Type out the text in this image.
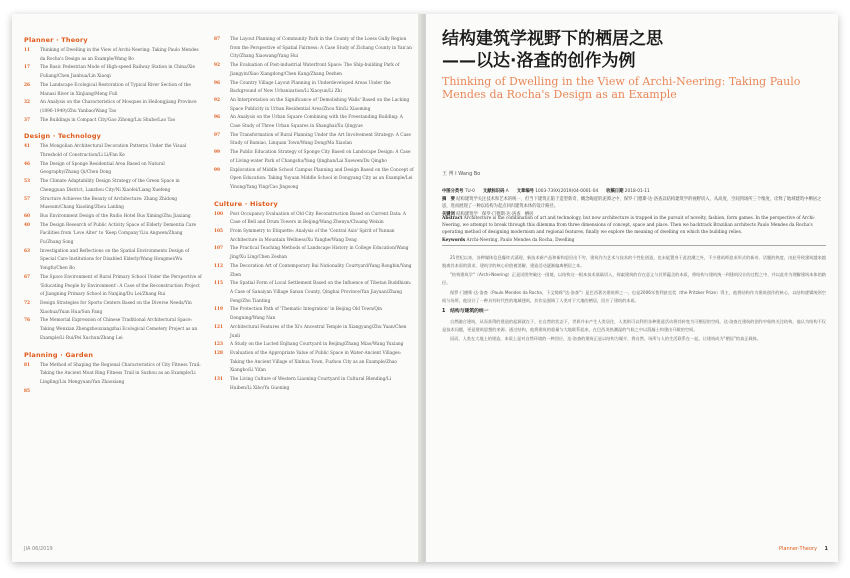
Planner · Theory
11	Thinking of Dwelling in the View of Archi-Neering: Taking Paulo Mendes da Rocha's Design as an Example/Wang Bo
17	The Basic Pedestrian Mode of High-speed Railway Station in China/Xie Fuliang/Chen Jianhua/Lin Xiaoqi
26	The Landscape Ecological Restoration of Typical River Section of the Manasi River in Xinjiang/Meng Fuli
32	An Analysis on the Characteristics of Mosques in Heilongjiang Province (1896-1949)/Zhu Yanbao/Wang Tao
37	The Buildings in Compact City/Gao Zihong/Liu Shuhe/Lao Tao
Design · Technology
41	The Mongolian Architectural Decoration Patterns Under the Visual Threshold of Construction/Li Li/Fan Ke
46	The Design of Sponge Residential Area Based on Natural Geography/Zhang Qi/Chen Dong
53	The Climate Adaptability Design Strategy of the Green Space in Chengguan District, Lanzhou City/Ni Xiaofei/Liang Xuefeng
57	Structure Achieves the Beauty of Architecture: Zhang Zhidong Museum/Chang Xiaoling/Zhou Lanling
60	Bus Environment Design of the Rudio Hotel Bus Ximing/Zhu Jiaxiang
40	The Design Research of Public Activity Space of Elderly Dementia Care Facilities from 'Love Alter' to 'Keep Company'/Liu Angwen/Zhang Fu/Zhang Song
63	Investigation and Reflections on the Spatial Environments Design of Special Care Institutions for Disabled Elderly/Wang Hongmei/Wu Yongfu/Chen Bo
67	The Space Environment of Rural Primary School Under the Perspective of 'Educating People by Environment': A Case of the Reconstruction Project of Jiangning Primary School in Nanjing/Du Lei/Zhang Rui
72	Design Strategies for Sports Centers Based on the Diverse Needs/Yin Xiaohua/Yuan Hua/Sun Fang
76	The Memorial Expression of Chinese Traditional Architectural Space: Taking Wenxian Zhengzhouxiangzhai Ecological Cemetery Project as an Example/Li Rui/Pei Xuchun/Zhang Lei
Planning · Garden
81	The Method of Shaping the Regional Characteristics of City Fitness Trail: Taking the Ancient Moat Ring Fitness Trail in Suzhou as an Example/Li Lingling/Liu Mengyuan/Yan Zhaoxiang
85
87	The Layout Planning of Community Park in the County of the Loess Gully Region from the Perspective of Spatial Fairness: A Case Study of Zichang County in Yan'an City/Zhang Xiaowang/Yang Hui
92	The Evaluation of Post-industrial Waterfront Space: The Ship-building Park of Jiangyin/Xiao Xiangdong/Chen Kang/Zhang Dezhen
96	The Country Village Layout Planning in Underdeveloped Areas Under the Background of New Urbanization/Li Xiaoyun/Li Zhi
92	An Interpretation on the Significance of 'Demolishing Walls' Based on the Lacking Space Publicity in Urban Residential Area/Zhou Xin/Li Xiaoming
96	An Analysis on the Urban Square Combining with the Freestanding Building: A Case Study of Three Urban Squares in Shanghai/Xu Qingyue
97	The Transformation of Rural Planning Under the Art Involvement Strategy: A Case Study of Bamiao, Linquan Town/Wang Dong/Ma Xiaolan
99	The Public Education Strategy of Sponge City Based on Landscape Design: A Case of Living-water Park of Changshu/Yang Qinghan/Lai Xuewen/Du Qingbo
99	Exploration of Middle School Campus Planning and Design Based on the Concept of Open Education: Taking Yuyuan Middle School in Dongyang City as an Example/Lei Yinong/Yang Ying/Cao Jingsong
Culture · History
100	Post Occupancy Evaluation of Old City Reconstruction Based on Current Data: A Case of Bell and Drum Towers in Beijing/Wang Zhenyu/Chuang Weixin
105	From Symmetry to Etiquette: Analysis of the 'Central Axis' Spirit of Yunnan Architecture in Mountain Wellness/Xu Yanghe/Wang Dong
107	The Practical Teaching Methods of Landscape History in College Education/Wang Jing/Xu Ling/Chen Zeshan
112	The Decoration Art of Contemporary Bai Nationality Courtyard/Yang Rongbin/Yang Zhen
115	The Spatial Form of Local Settlement Based on the Influence of Tibetan Buddhism: A Case of Sanaiyan Village Sanan County, Qinghai Province/Yan Jiayuan/Zhang Feng/Zhu Tianting
119	The Protection Path of 'Thematic Integration' in Beijing Old Town/Qin Dongning/Wang Nan
121	Architectural Features of the Xi's Ancestral Temple in Xiangyang/Zhu Yuan/Chen Junli
123	A Study on the Lucted Enjhang Courtyard in Beijing/Zhang Miao/Wang Yuxiang
128	Evaluation of the Appropriate Value of Public Space in Water-Ancient Villages: Taking the Ancient Village of Xinhua Town, Fuzhou City as an Example/Zhao Xiangbo/Li Yifan
131	The Living Culture of Western Liaoning Courtyard in Cultural Blending/Li Huiben/Li Xibo/Yu Guoning
JIA 06/2019
结构建筑学视野下的栖居之思
——以达·洛查的创作为例
Thinking of Dwelling in the View of Archi-Neering: Taking Paulo Mendes da Rocha's Design as an Example
王 博 I Wang Bo
中图分类号 TU-0 文献标识码 A 文章编号 1003-739X(2019)04-0001-04 收稿日期 2018-01-11
摘　要 结构建筑学关注技术和艺术的统一，但当下建筑正陷于造型新奇、概念晦涩的泥潭之中，保罗·门德斯·达·洛查以结构建筑学的视野切入，从高度、空间到场所三个维度，诠释了地域建筑中栖居之思，进而展现了一种以结构为起点回归建筑本体的设计路径。
关键词 结构建筑学　保罗·门德斯·达·洛查　栖居
Abstract Architecture is the combination of art and technology, but now architecture is trapped in the pursuit of novelty, fashion, form games. In the perspective of Archi-Neering, we attempt to break through this dilemma from three dimensions of concept, space and place. Then we backtrack Brazilian architects Paulo Mendes da Rocha's operating method of designing modernism and regional features, finally we explore the meaning of dwelling on which the building relies.
Keywords Archi-Neering, Paulo Mendes da Rocha, Dwelling

21世纪以来，各种媒体信息爆炸式涌现，新技术新产品和新构思层出不穷，建筑作为艺术与技术的个性化创造，也未能置身于此浪潮之外，不少建筑师追求形式的新奇、话题的热度，由此导致建筑越来越脱离其本原的需求，建筑学的核心价值被消解，建造活动逐渐偏离栖居之本。

"结构建筑学"（Archi-Neering）正是试图突破这一困境，以结构这一根本技术基础切入，探索建筑的存在意义与其所蕴含的本质，将结构与建筑统一到建筑设计的过程之中，并以此作为理解建筑本体的路径。

保罗·门德斯·达·洛查（Paulo Mendes da Rocha，下文简称"达·洛查"）是巴西著名建筑师之一，也是2006年普利兹克奖（the Pritzker Prize）得主，他将结构作为建筑创作的核心，以结构逻辑统领空间与场所，他设计了一种具有时代性的地域建筑，其作品强调了人类对于大地的栖居，回应了建筑的本质。

1　结构与建筑的统一

自然融合建筑，从而获得的建造的起源就在于，在自然的状态下，世界并未产生人类居住，人类则可以利用各种建造活动将其转变为可栖居的空间。达·洛查在建筑的创作中始终关注结构，他认为结构不仅是技术问题，更是建筑思想的来源。通过结构，他将建筑的重量与大地联系起来，在巴西炎热潮湿的气候之中以混凝土构建出开敞的空间。

因而，人类在大地上的建造，本质上是对自然环境的一种回应，达·洛查的建筑正是以结构为媒介，将自然、场所与人的生活联系在一起，让建筑成为"栖居"的真正载体。

Planner·Theory 1
